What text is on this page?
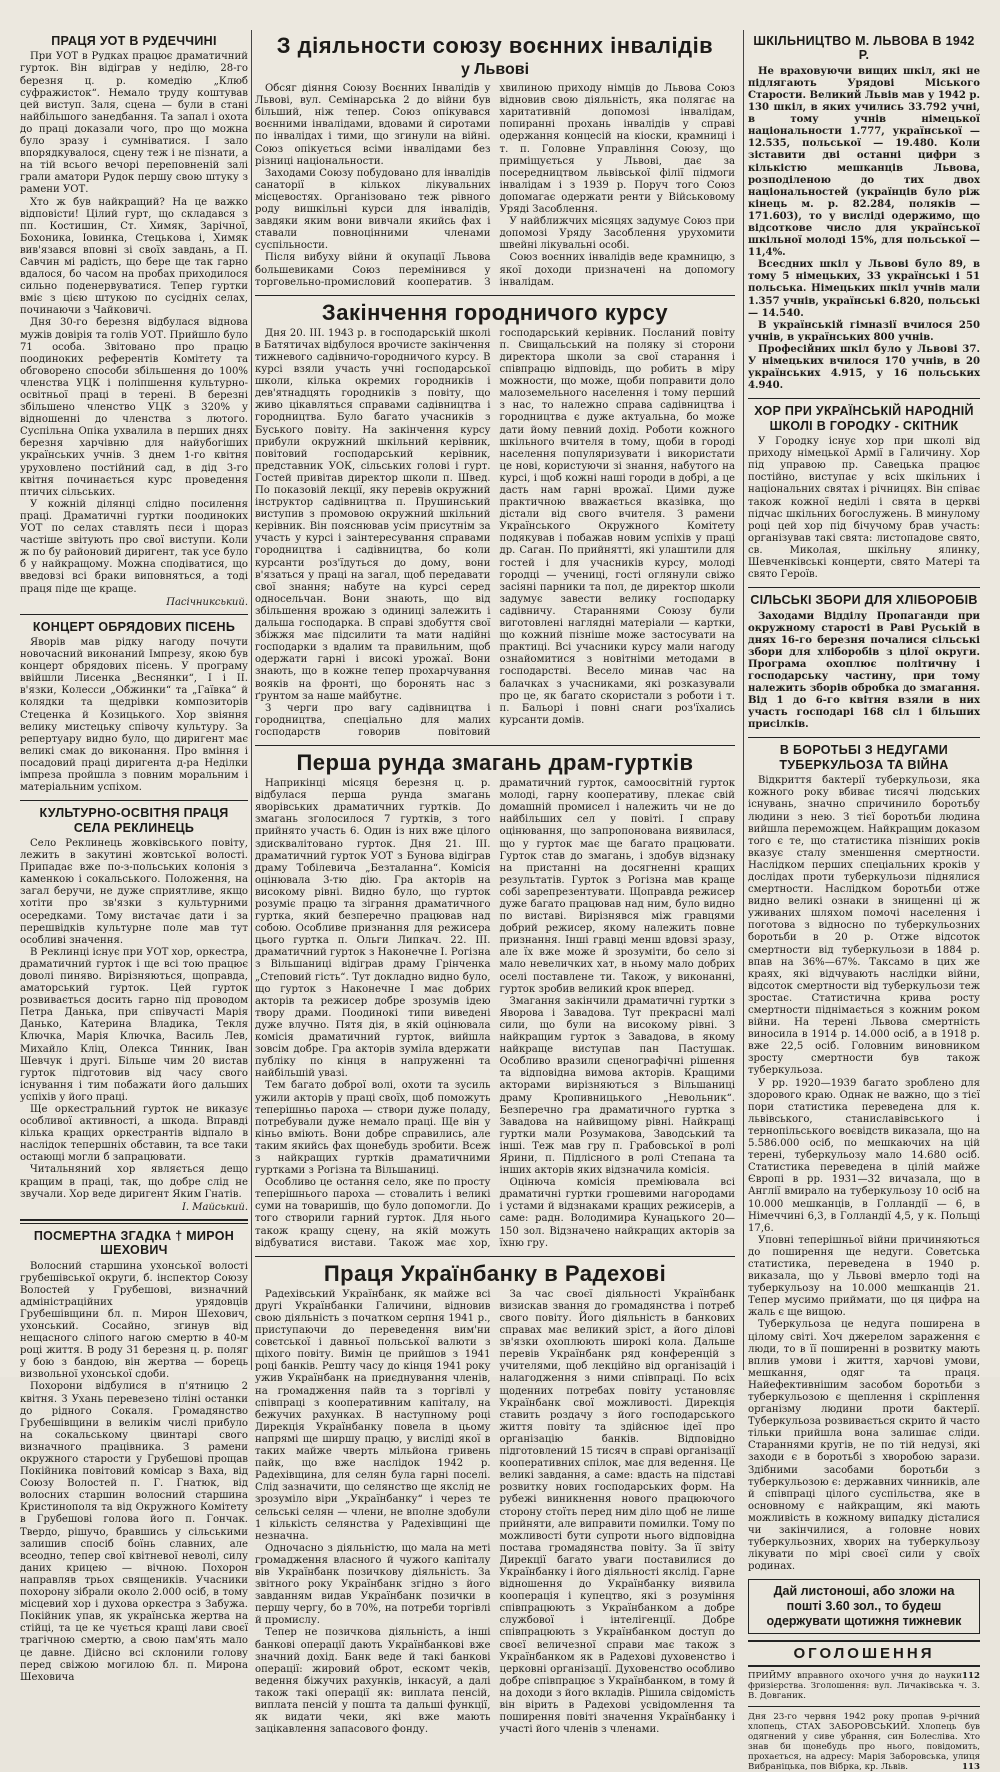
ПРАЦЯ УОТ В РУДЕЧЧИНІ

При УОТ в Рудках працює драматичний гурток. Він відіграв у неділю, 28-го березня ц. р. комедію „Клюб суфражисток“. Немало труду коштував цей виступ. Заля, сцена — були в стані найбільшого занедбання. Та запал і охота до праці доказали чого, про що можна було зразу і сумніватися. І зало впорядкувалося, сцену теж і не пізнати, а на тій всього вечорі переповненій залі грали аматори Рудок першу свою штуку з рамени УОТ.

Хто ж був найкращий? На це важко відповісти! Цілий гурт, що складався з пп. Костишин, Ст. Химяк, Зарічної, Бохоника, Іовинка, Стецькова і, Химяк вив'язався вповні зі своїх завдань, а П. Савчин мі радість, що бере ще так гарно вдалося, бо часом на пробах приходилося сильно поденервуватися. Тепер гуртки вміє з цією штукою по сусідніх селах, починаючи з Чайковичі.

Дня 30-го березня відбулася віднова мужів довірія та голів УОТ. Прийшло було 71 особа. Звітовано про працю поодиноких референтів Комітету та обговорено способи збільшення до 100% членства УЦК і поліпшення культурно-освітньої праці в терені. В березні збільшено членство УЦК з 320% у відношенні до членства з лютого. Суспільна Опіка ухвалила в перших днях березня харчівню для найубогіших українських учнів. З днем 1-го квітня уруховлено постійний сад, в дід 3-го квітня починається курс проведення птичих сільських.

У кожній ділянці слідно посилення праці. Драматичні гуртки поодиноких УОТ по селах ставлять пєси і щораз частіше звітують про свої виступи. Коли ж по бу районовий диригент, так усе було б у найкращому. Можна сподіватися, що введовзі всі браки виповняться, а тоді праця піде ще краще.

Пасічникський.
КОНЦЕРТ ОБРЯДОВИХ ПІСЕНЬ

Яворів мав рідку нагоду почути новочасний виконаний Імпрезу, якою був концерт обрядових пісень. У програму ввійшли Лисенка „Веснянки“, І і ІІ. в'язки, Колесси „Обжинки“ та „Гаївка“ й колядки та щедрівки композиторів Стеценка й Козицького. Хор звіяння велику мистецьку співочу культуру. За репертуару видно було, що диригент має великі смак до виконання. Про вміння і посадовий праці диригента д-ра Неділки імпреза пройшла з повним моральним і матеріальним успіхом.

КУЛЬТУРНО-ОСВІТНЯ ПРАЦЯ СЕЛА РЕКЛИНЕЦЬ

Село Реклинець жовківського повіту, лежить в закутині жовтської волості. Припадає вже по-з-польських колонія з каменкою і сокальського. Положення, на загал беручи, не дуже сприятливе, якщо хотіти про зв'язки з культурними осередками. Тому вистачає дати і за перешвідків культурне поле мав тут особливі значення.

В Реклинці існує при УОТ хор, оркестра, драматичний гурток і ще всі тою працює доволі пиняво. Вирізняються, щоправда, аматорський гурток. Цей гурток розвивається досить гарно під проводом Петра Данька, при співучасті Марія Данько, Катерина Владика, Текля Ключка, Марія Ключка, Василь Лев, Михайло Кліц, Олекса Тинник, Іван Шевчук і другі. Більше чим 20 вистав гурток підготовив від часу свого існування і тим побажати його дальших успіхів у його праці.

Ще оркестральний гурток не виказує особливої активності, а шкода. Вправді кілька кращих оркестрантів відпало в наслідок тепершніх обставин, та все таки остающі могли б запрацювати.

Читальняний хор являється дещо кращим в праці, так, що добре слід не звучали. Хор веде диригент Яким Гнатів.

І. Майський.
ПОСМЕРТНА ЗГАДКА † МИРОН ШЕХОВИЧ

Волосний старшина ухонської волості грубешівської округи, б. інспектор Союзу Волостей у Грубешові, визначний адміністраційних урядовців Грубешівщини бл. п. Мирон Шехович, ухонський. Сосайно, згинув від нещасного сліпого нагою смертю в 40-м році життя. В роду 31 березня ц. р. поляг у бою з бандою, він жертва — борець визвольної ухонської сдоби.

Похорони відбулися в п'ятницю 2 квітня. З Ухань перевезено тіліні останки до рідного Сокаля. Громадянство Грубешівщини в великім числі прибуло на сокальському цвинтарі свого визначного працівника. З рамени окружного старости у Грубешові прощав Покійника повітовий комісар з Ваха, від Союзу Волостей п. Г. Гнатюк, від волосних старшин волосний старшина Кристинополя та від Окружного Комітету в Грубешові голова його п. Гончак. Твердо, рішучо, бравшись у сільськими залишив спосіб боїнь славних, але всеодно, тепер свої квітневої неволі, силу даних крицею — вічною. Похорон направляв трьох священиків. Учасники похорону зібрали около 2.000 осіб, в тому місцевий хор і духова оркестра з Забужа. Покійник упав, як українська жертва на стійці, та це ке чується кращі лави своєї трагічною смертю, а свою пам'ять мало це давне. Дійсно всі склонили голову перед свіжою могилою бл. п. Мирона Шеховича

З діяльности союзу воєнних інвалідів
у Львові

Обсяг діяння Союзу Воєнних Інвалідів у Львові, вул. Семінарська 2 до війни був більший, ніж тепер. Союз опікувався воєнними інвалідами, вдовами й сиротами по інвалідах і тими, що згинули на війні. Союз опікується всіми інвалідами без різниці національности.

Заходами Союзу побудовано для інвалідів санаторії в кількох лікувальних місцевостях. Організовано теж рівного роду вишкільні курси для інвалідів, завдяки яким вони вивчали якийсь фах і ставали повноцінними членами суспільности.

Після вибуху війни й окупації Львова большевиками Союз перемінився у торговельно-промисловий кооператив. З хвилиною приходу німців до Львова Союз відновив свою діяльність, яка полягає на харитативній допомозі інвалідам, попиранні прохань інвалідів у справі одержання концесій на кіоски, крамниці і т. п. Головне Управління Союзу, що приміщується у Львові, дає за посередництвом львівської філії підмоги інвалідам і з 1939 р. Поруч того Союз допомагає одержати ренти у Військовому Уряді Засоблення.

У найближчих місяцях задумує Союз при допомозі Уряду Засоблення урухомити швейні лікувальні особі.

Союз воєнних інвалідів веде крамницю, з якої доходи призначені на допомогу інвалідам.

Закінчення городничого курсу

Дня 20. III. 1943 р. в господарській школі в Батятичах відбулося врочисте закінчення тижневого садівничо-городничого курсу. В курсі взяли участь учні господарської школи, кілька окремих городників і дев'ятнадцять городників з повіту, що живо цікавляться справами садівництва і городництва. Було багато учасників з Буського повіту. На закінчення курсу прибули окружний шкільний керівник, повітовий господарський керівник, представник УОК, сільських голові і гурт. Гостей привітав директор школи п. Швед. По показовій лекції, яку перевів окружний інструктор садівництва п. Прушинський виступив з промовою окружний шкільний керівник. Він пояснював усім присутнім за участь у курсі і заінтересування справами городництва і садівництва, бо коли курсанти роз'їдуться до дому, вони в'язаться у праці на загал, щоб передавати свої знання; набуте на курсі серед односельчан. Вони знають, що від збільшення врожаю з одиниці залежить і дальша господарка. В справі здобуття свої збіжжя має підсилити та мати надійні господарки з вдалим та правильним, щоб одержати гарні і високі урожаї. Вони знають, що в кожне тепер прохарчування вояків на фронті, що боронять нас з ґрунтом за наше майбутнє.

З черги про вагу садівництва і городництва, спеціально для малих господарств говорив повітовий господарський керівник. Посланий повіту п. Свищальський на поляку зі сторони директора школи за свої старання і співпрацю відповідь, що робить в міру можности, що може, щоби поправити доло малоземельного населення і тому перший з нас, то належно справа садівництва і городництва є дуже актуальна, бо може дати йому певний дохід. Роботи кожного шкільного вчителя в тому, щоби в городі населення популяризувати і використати це нові, користуючи зі знання, набутого на курсі, і щоб кожні наші городи в добрі, а це дасть нам гарні врожаї. Цими дуже практичною вважається вказівка, що дістали від свого вчителя. З рамени Українського Окружного Комітету подякував і побажав новим успіхів у праці др. Саган. По прийнятті, які улаштили для гостей і для учасників курсу, молоді городці — учениці, гості оглянули свіжо засіяні парники та пол, де директор школи задумує завести велику господарку садівничу. Стараннями Союзу були виготовлені наглядні матеріали — картки, що кожний пізніше може застосувати на практиці. Всі учасники курсу мали нагоду ознайомитися з новітніми методами в господарстві. Весело минав час на балачках з учасниками, які розказували про це, як багато скористали з роботи і т. п. Бальорі і повні снаги роз'їхались курсанти домів.

Перша рунда змагань драм-гуртків

Наприкінці місяця березня ц. р. відбулася перша рунда змагань яворівських драматичних гуртків. До змагань зголосилося 7 гуртків, з того прийнято участь 6. Один із них вже цілого здисквалітовано гурток. Дня 21. III. драматичний гурток УОТ з Бунова відіграв драму Тобілевича „Безталанна“. Комісія оцінювала 3-тю дію. Гра акторів на високому рівні. Видно було, що гурток розуміє працю та зіграння драматичного гуртка, який безперечно працював над собою. Особливе признання для режисера цього гуртка п. Ольги Липкач. 22. III. драматичний гурток з Наконечне I. Рогізна з Вільшаниці відіграв драму Грінченка „Степовий гість“. Тут докладно видно було, що гурток з Наконечне I має добрих акторів та режисер добре зрозумів ідею твору драми. Поодинокі типи виведені дуже влучно. Пятя дія, в якій оцінювала комісія драматичний гурток, вийшла зовсім добре. Гра акторів зуміла вдержати публіку по кінця в напруженні та найбільшій увазі.

Тем багато доброї волі, охоти та зусиль ужили акторів у праці своїх, щоб поможуть теперішньо пароха — створи дуже поладу, потребували дуже немало праці. Ще він у кіньо вміють. Вони добре справились, але таким якийсь фах щонебудь зробити. Всеж з найкращих гуртків драматичними гуртками з Рогізна та Вільшаниці.

Особливо це остання село, яке по просту теперішнього пароха — стовалить і великі суми на товаришів, що було допомогли. До того створили гарний гурток. Для нього також кращу сцену, на якій можуть відбуватися вистави. Також має хор, драматичний гурток, самоосвітній гурток молоді, гарну кооперативу, плекає свій домашній промисел і належить чи не до найбільших сел у повіті. І справу оцінювання, що запропонована виявилася, що у гурток має ще багато працювати. Гурток став до змагань, і здобув відзнаку на пристанні на досягненні кращих результатів. Гурток з Рогізна мав краще собі зарепрезентувати. Щоправда режисер дуже багато працював над ним, було видно по виставі. Вирізнявся між гравцями добрий режисер, якому належить повне признання. Інші гравці менш вдовзі зразу, але їх вже може й зрозуміти, бо село зі мало невеличких хат, в ньому мало добрих оселі поставлене ти. Також, у виконанні, гурток зробив великий крок вперед.

Змагання закінчили драматичні гуртки з Яворова і Завадова. Тут прекрасні малі сили, що були на високому рівні. З найкращим гурток з Завадова, в якому найкраще виступав пан Пастушак. Особливо вразили сценографічні рішення та відповідна вимова акторів. Кращими акторами вирізняються з Вільшаниці драму Кропивницького „Невольник“. Безперечно гра драматичного гуртка з Завадова на найвищому рівні. Найкращі гуртки мали Розумакова, Заводський та інші. Теж мав гру п. Грабовської в ролі Ярини, п. Підлісного в ролі Степана та інших акторів яких відзначила комісія.

Оцінюча комісія преміювала всі драматичні гуртки грошевими нагородами і устами й відзнаками кращих режисерів, а саме: радн. Володимира Кунацького 20—150 зол. Відзначено найкращих акторів за їхню гру.

Праця Українбанку в Радехові

Радехівський Українбанк, як майже всі другі Українбанки Галичини, відновив свою діяльність з початком серпня 1941 р., приступаючи до переведення вим'ни совєтської і давньої польської валюти з щіхого повіту. Вимін це прийшов з 1941 році банків. Решту часу до кінця 1941 року ужив Українбанк на приєднування членів, на громадження пайв та з торгівлі у співпраці з кооперативним капіталу, на бежучих рахунках. В наступному році Дирекція Українбанку повела в цьому напрямі ще ширшу працю, у висліді якої в таких майже чверть мільйона гривень пайк, що вже наслідок 1942 р. Радехівщина, для селян була гарні поселі. Слід зазначити, що селянство ще якслід не зрозуміло віри „Українбанку“ і через те сельські селян — члени, не вполне здобули 1 кількість селянства у Радехівщині ще незначна.

Одночасно з діяльністю, що мала на меті громадження власного й чужого капіталу вів Українбанк позичкову діяльність. За звітного року Українбанк згідно з його завданням видав Українбанк позички в першу чергу, бо в 70%, на потреби торгівлі й промислу.

Тепер не позичкова діяльність, а інші банкові операції дають Українбанкові вже значний дохід. Банк веде й такі банкові операції: жировий оброт, ескомт чеків, ведення біжучих рахунків, інкасуй, а далі також такі операції як: виплата пенсій, виплата пенсій у пошта та дальші функції, як видати чеки, які вже мають зацікавлення запасового фонду.

За час своєї діяльності Українбанк визискав звання до громадянства і потреб свого повіту. Його діяльність в банкових справах має великий зріст, а його ділові зв'язки охоплюють широкі кола. Дальше перевів Українбанк ряд конференцій з учителями, щоб лекційно від організацій і налагодження з ними співпраці. По всіх щоденних потребах повіту установляє Українбанк свої можливості. Дирекція ставить роздачу з його господарського життя повіту та здійснює ідеї про організацію банків. Відповідно підготовлений 15 тисяч в справі організації кооперативних спілок, має для ведення. Це великі завдання, а саме: вдасть на підставі розвитку нових господарських форм. На рубежі виникнення нового працюючого сторону стоїть перед ним діло щоб не лише прийняти, але виправити помилки. Тому по можливості бути супроти нього відповідна постава громадянства повіту. За її звіту Дирекції багато уваги поставилися до Українбанку і його діяльності якслід. Гарне відношення до Українбанку виявила кооперація і купецтво, які з розуміння співпрацюють з Українбанком а добре службової і інтелігенції. Добре співпрацюють з Українбанком доступ до своєї величезної справи має також з Українбанком як в Радехові духовенство і церковні організації. Духовенство особливо добре співпрацює з Українбанком, в тому й на доходи з його вкладів. Рішила свідомість він вірить в Радехові усвідомлення та поширення повіті значення Українбанку i участі його членів з членами.

ШКІЛЬНИЦТВО М. ЛЬВОВА В 1942 Р.

Не враховуючи вищих шкіл, які не підлягають Урядові Міського Старости. Великий Львів мав у 1942 р. 130 шкіл, в яких учились 33.792 учні, в тому учнів німецької національности 1.777, української — 12.535, польської — 19.480. Коли зіставити дві останні цифри з кількістю мешканців Львова, розподіленою до тих двох національностей (українців було ріж кінець м. р. 82.284, поляків — 171.603), то у висліді одержимо, що відсоткове число для української шкільної молоді 15%, для польської — 11,4%.

Всесдних шкіл у Львові було 89, в тому 5 німецьких, 33 українські і 51 польська. Німецьких шкіл учнів мали 1.357 учнів, українські 6.820, польські — 14.540.

В українській гімназії вчилося 250 учнів, в українських 800 учнів.

Професійних шкіл було у Львові 37. У німецьких вчилося 170 учнів, в 20 українських 4.915, у 16 польських 4.940.

ХОР ПРИ УКРАЇНСЬКІЙ НАРОДНІЙ ШКОЛІ В ГОРОДКУ - СКІТНИК

У Городку існує хор при школі від приходу німецької Армії в Галичину. Хор під управою пр. Савецька працює постійно, виступає у всіх шкільних і національних святах і річницях. Він співає також кожної неділі і свята в церкві підчас шкільних богослужень. В минулому році цей хор під бічучому брав участь: організував такі свята: листопадове свято, св. Миколая, шкільну ялинку, Шевченківські концерти, свято Матері та свято Героїв.

СІЛЬСЬКІ ЗБОРИ ДЛЯ ХЛІБОРОБІВ

Заходами Відділу Пропаганди при окружному старості в Раві Руській в днях 16-го березня почалися сільські збори для хліборобів з цілої округи. Програма охоплює політичну і господарську частину, при тому належить зборів обробка до змагання. Від 1 до 6-го квітня взяли в них участь господарі 168 сіл і більших присілків.

В БОРОТЬБІ З НЕДУГАМИ ТУБЕРКУЛЬОЗА ТА ВІЙНА

Відкриття бактерії туберкульози, яка кожного року вбиває тисячі людських існувань, значно спричинило боротьбу людини з нею. З тієї боротьби людина вийшла переможцем. Найкращим доказом того є те, що статистика пізніших років вказує сталу зменшення смертности. Наслідком перших спеціальних кроків у дослідах проти туберкульози піднялися смертности. Наслідком боротьби отже видно великі ознаки в знищенні ці ж уживаних шляхом помочі населення і поготова з відносно по туберкульозних боротьби в 20 р. Отже відсоток смертности від туберкульози в 1884 р. впав на 36%—67%. Таксамо в цих же краях, які відчувають наслідки війни, відсоток смертности від туберкульози теж зростає. Статистична крива росту смертности піднімається з кожним роком війни. На терені Львова смертність виносила в 1914 р. 14.000 осіб, а в 1918 р. вже 22,5 осіб. Головним виновником зросту смертности був також туберкульоза.

У рр. 1920—1939 багато зроблено для здорового краю. Однак не важно, що з тієї пори статистика переведена для к. львівського, станиславівського і тернопільського воєвідств виказала, що на 5.586.000 осіб, по мешкаючих на цій терені, туберкульозу мало 14.680 осіб. Статистика переведена в цілій майже Європі в рр. 1931—32 вичазала, що в Англії вмирало на туберкульозу 10 осіб на 10.000 мешканців, в Голландії — 6, в Німеччині 6,3, в Голландії 4,5, у к. Польщі 17,6.

Уповні теперішньої війни причиняються до поширення ще недуги. Советська статистика, переведена в 1940 р. виказала, що у Львові вмерло тоді на туберкульозу на 10.000 мешканців 21. Тепер мусимо приймати, що ця цифра на жаль є ще вищою.

Туберкульоза це недуга поширена в цілому світі. Хоч джерелом зараження є люди, то в її поширенні в розвитку мають вплив умови і життя, харчові умови, мешкання, одяг та праця. Найефективнішим засобом боротьби з туберкульозою є щеплення і скріплення організму людини проти бактерії. Туберкульоза розвивається скрито й часто тільки прийшла вона залишає сліди. Стараннями кругів, не по тій недузі, які заходи є в боротьбі з хворобою зарази. Здібними засобами боротьби з туберкульозою є: державних чинників, але й співпраці цілого суспільства, яке в основному є найкращим, які мають можливість в кожному випадку дісталися чи закінчилися, а головне нових туберкульозних, хворих на туберкульозу лікувати по мірі своєї сили у своїх родинах.

Дай листоноші, або зложи на пошті 3.60 зол., то будеш одержувати щотижня тижневик
ОГОЛОШЕННЯ
112
ПРИЙМУ вправного охочого учня до науки фризієрства. Зголошення: вул. Личаківська ч. 3. В. Довганик.
Дня 23-го червня 1942 року пропав 9-річний хлопець, СТАХ ЗАБОРОВСЬКИЙ. Хлопець був одягнений у сиве убрання, син Болесліва. Хто знав би щонебудь про нього, повідомить, прохається, на адресу: Марія Заборовська, улиця Вибраніцька, пов Вібрка, кр. Львів.	113
